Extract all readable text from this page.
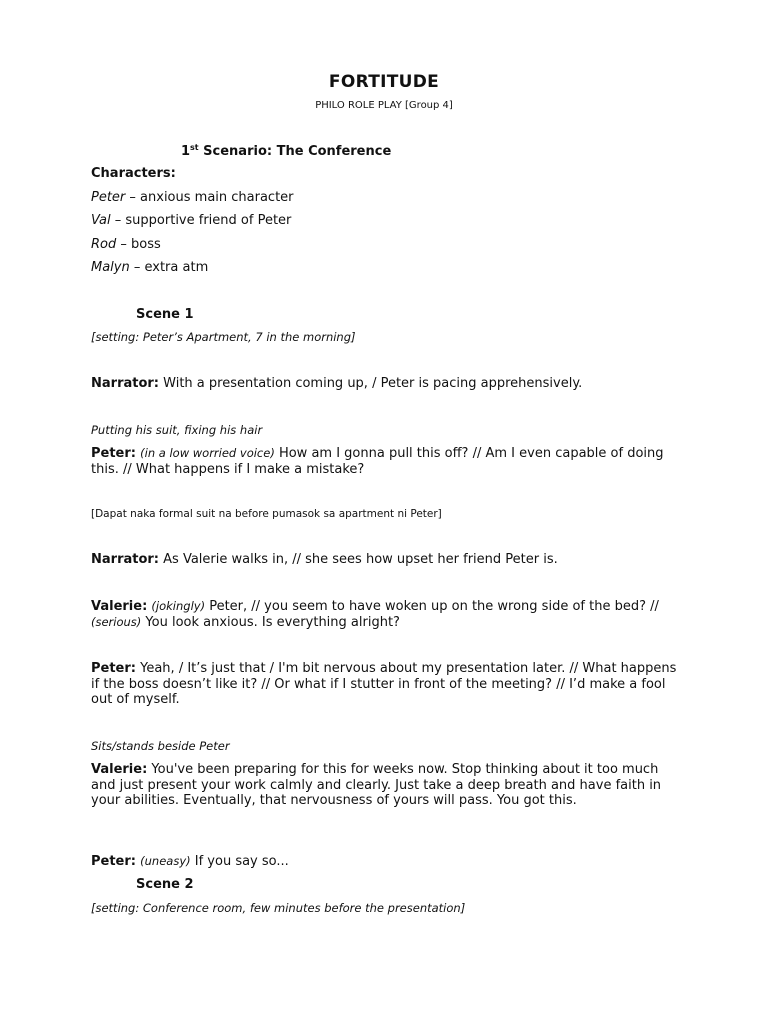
FORTITUDE
PHILO ROLE PLAY [Group 4]
1st Scenario: The Conference
Characters:
Peter – anxious main character
Val – supportive friend of Peter
Rod – boss
Malyn – extra atm
Scene 1
[setting: Peter’s Apartment, 7 in the morning]
Narrator: With a presentation coming up, / Peter is pacing apprehensively.
Putting his suit, fixing his hair
Peter: (in a low worried voice) How am I gonna pull this off? // Am I even capable of doing this. // What happens if I make a mistake?
[Dapat naka formal suit na before pumasok sa apartment ni Peter]
Narrator: As Valerie walks in, // she sees how upset her friend Peter is.
Valerie: (jokingly) Peter, // you seem to have woken up on the wrong side of the bed? // (serious) You look anxious. Is everything alright?
Peter: Yeah, / It’s just that / I'm bit nervous about my presentation later. // What happens if the boss doesn’t like it? // Or what if I stutter in front of the meeting? // I’d make a fool out of myself.
Sits/stands beside Peter
Valerie: You've been preparing for this for weeks now. Stop thinking about it too much and just present your work calmly and clearly. Just take a deep breath and have faith in your abilities. Eventually, that nervousness of yours will pass. You got this.
Peter: (uneasy) If you say so...
Scene 2
[setting: Conference room, few minutes before the presentation]
